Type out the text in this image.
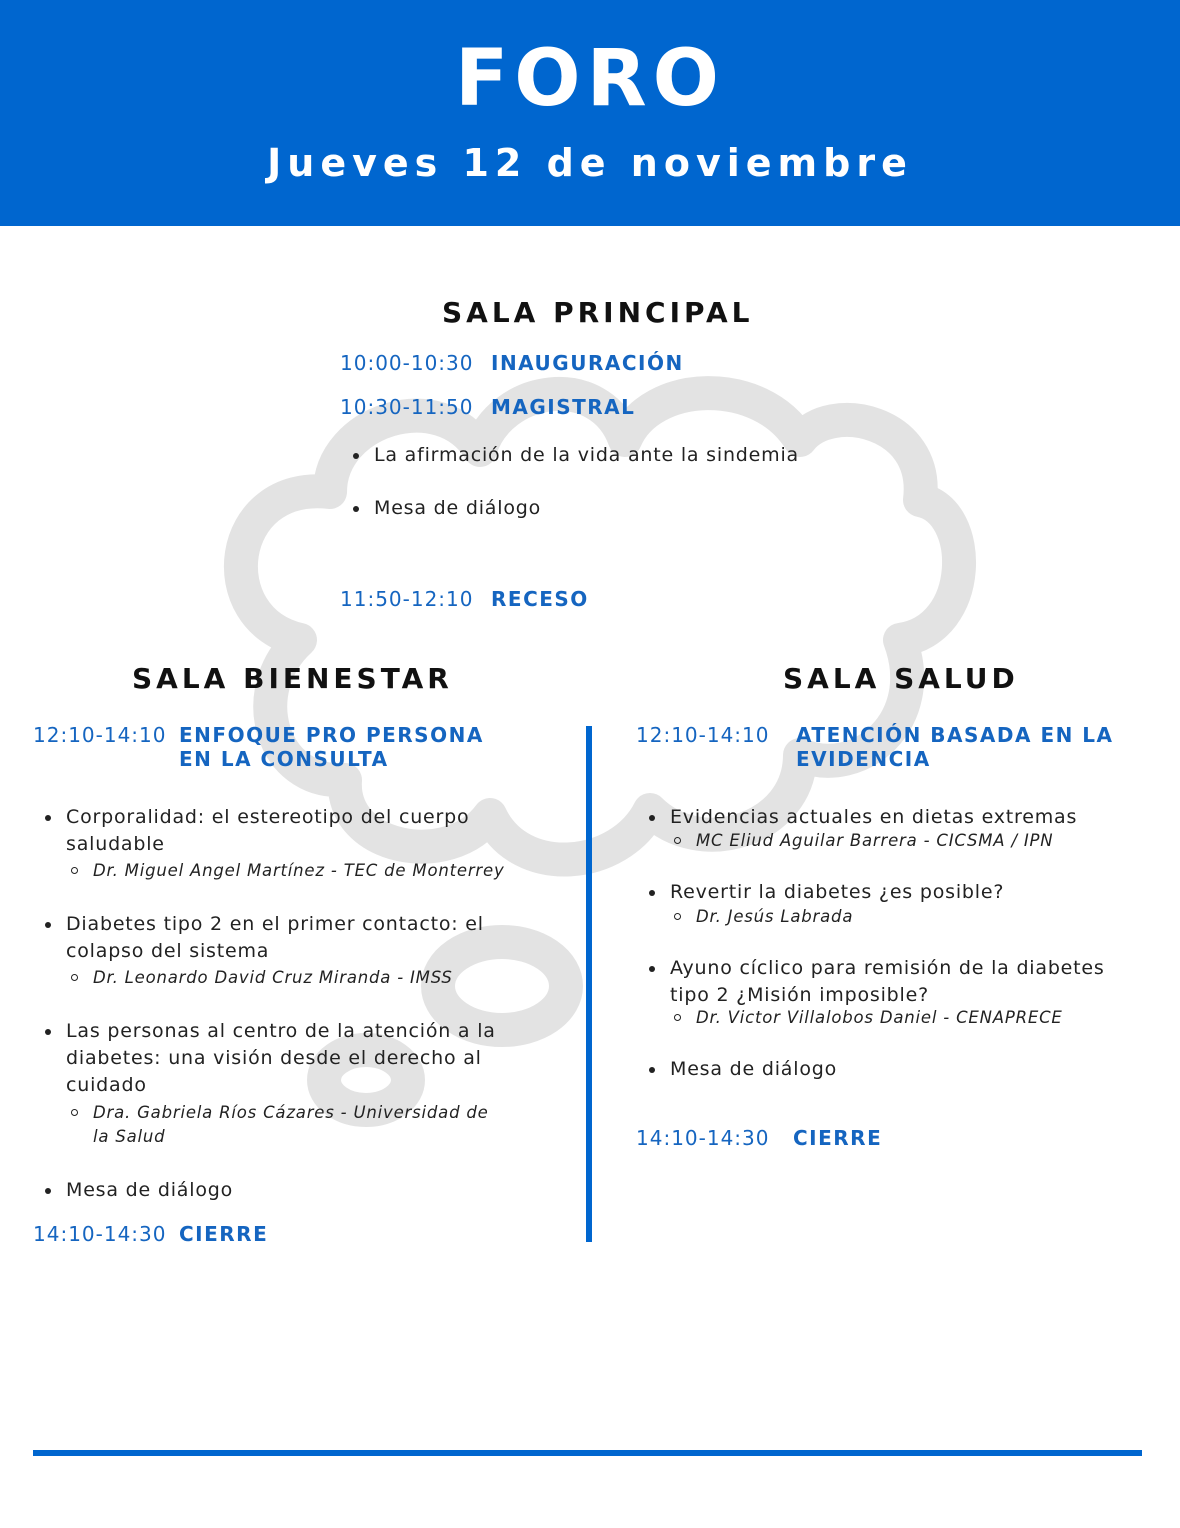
FORO
Jueves 12 de noviembre
SALA PRINCIPAL
10:00-10:30 INAUGURACIÓN
10:30-11:50 MAGISTRAL
La afirmación de la vida ante la sindemia
Mesa de diálogo
11:50-12:10 RECESO
SALA BIENESTAR
12:10-14:10 ENFOQUE PRO PERSONA
EN LA CONSULTA
Corporalidad: el estereotipo del cuerpo
saludable
Dr. Miguel Angel Martínez - TEC de Monterrey
Diabetes tipo 2 en el primer contacto: el
colapso del sistema
Dr. Leonardo David Cruz Miranda - IMSS
Las personas al centro de la atención a la
diabetes: una visión desde el derecho al
cuidado
Dra. Gabriela Ríos Cázares - Universidad de
la Salud
Mesa de diálogo
14:10-14:30 CIERRE
SALA SALUD
12:10-14:10 ATENCIÓN BASADA EN LA
EVIDENCIA
Evidencias actuales en dietas extremas
MC Eliud Aguilar Barrera - CICSMA / IPN
Revertir la diabetes ¿es posible?
Dr. Jesús Labrada
Ayuno cíclico para remisión de la diabetes
tipo 2 ¿Misión imposible?
Dr. Victor Villalobos Daniel - CENAPRECE
Mesa de diálogo
14:10-14:30 CIERRE
